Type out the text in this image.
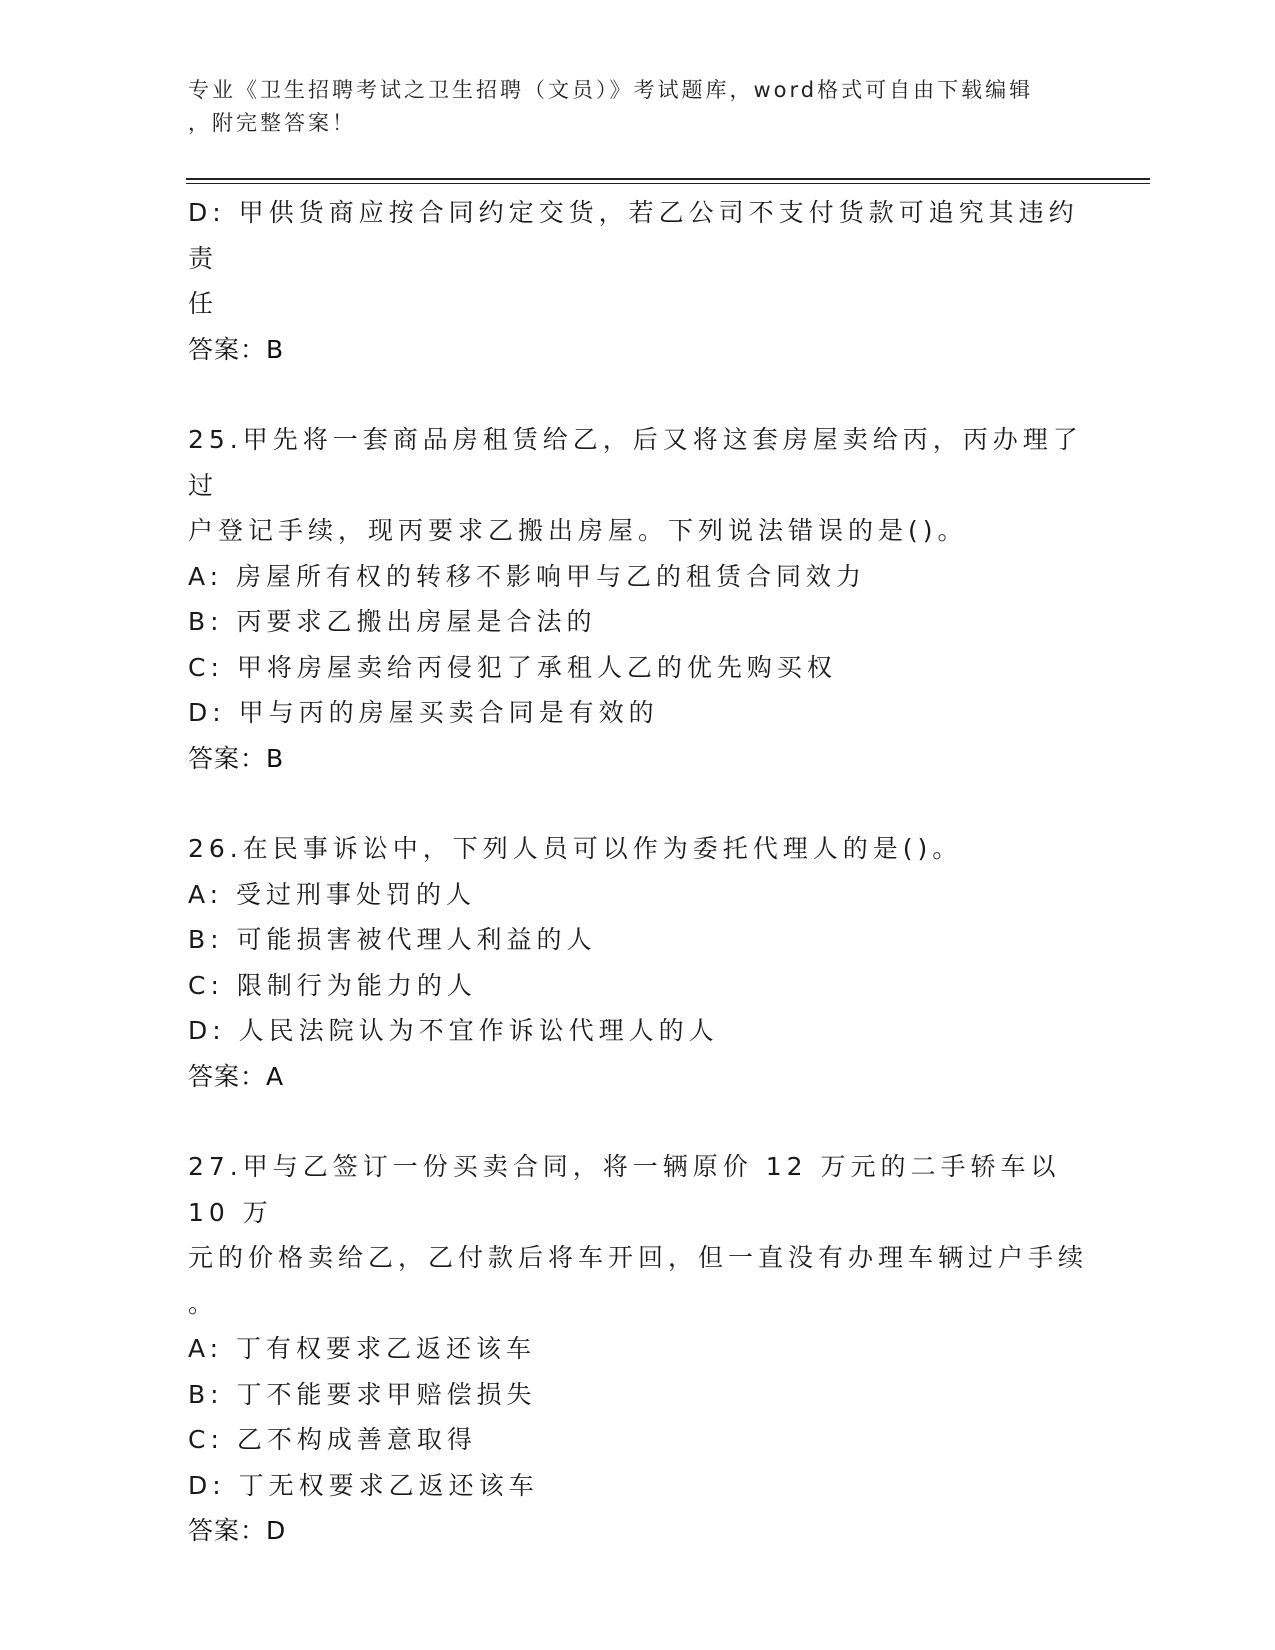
专业《卫生招聘考试之卫生招聘（文员）》考试题库，word格式可自由下载编辑
，附完整答案！
D: 甲供货商应按合同约定交货，若乙公司不支付货款可追究其违约责
任
答案：B
25.甲先将一套商品房租赁给乙，后又将这套房屋卖给丙，丙办理了过
户登记手续，现丙要求乙搬出房屋。下列说法错误的是()。
A: 房屋所有权的转移不影响甲与乙的租赁合同效力
B: 丙要求乙搬出房屋是合法的
C: 甲将房屋卖给丙侵犯了承租人乙的优先购买权
D: 甲与丙的房屋买卖合同是有效的
答案：B
26.在民事诉讼中，下列人员可以作为委托代理人的是()。
A: 受过刑事处罚的人
B: 可能损害被代理人利益的人
C: 限制行为能力的人
D: 人民法院认为不宜作诉讼代理人的人
答案：A
27.甲与乙签订一份买卖合同，将一辆原价 12 万元的二手轿车以 10 万
元的价格卖给乙，乙付款后将车开回，但一直没有办理车辆过户手续
。
A: 丁有权要求乙返还该车
B: 丁不能要求甲赔偿损失
C: 乙不构成善意取得
D: 丁无权要求乙返还该车
答案：D
